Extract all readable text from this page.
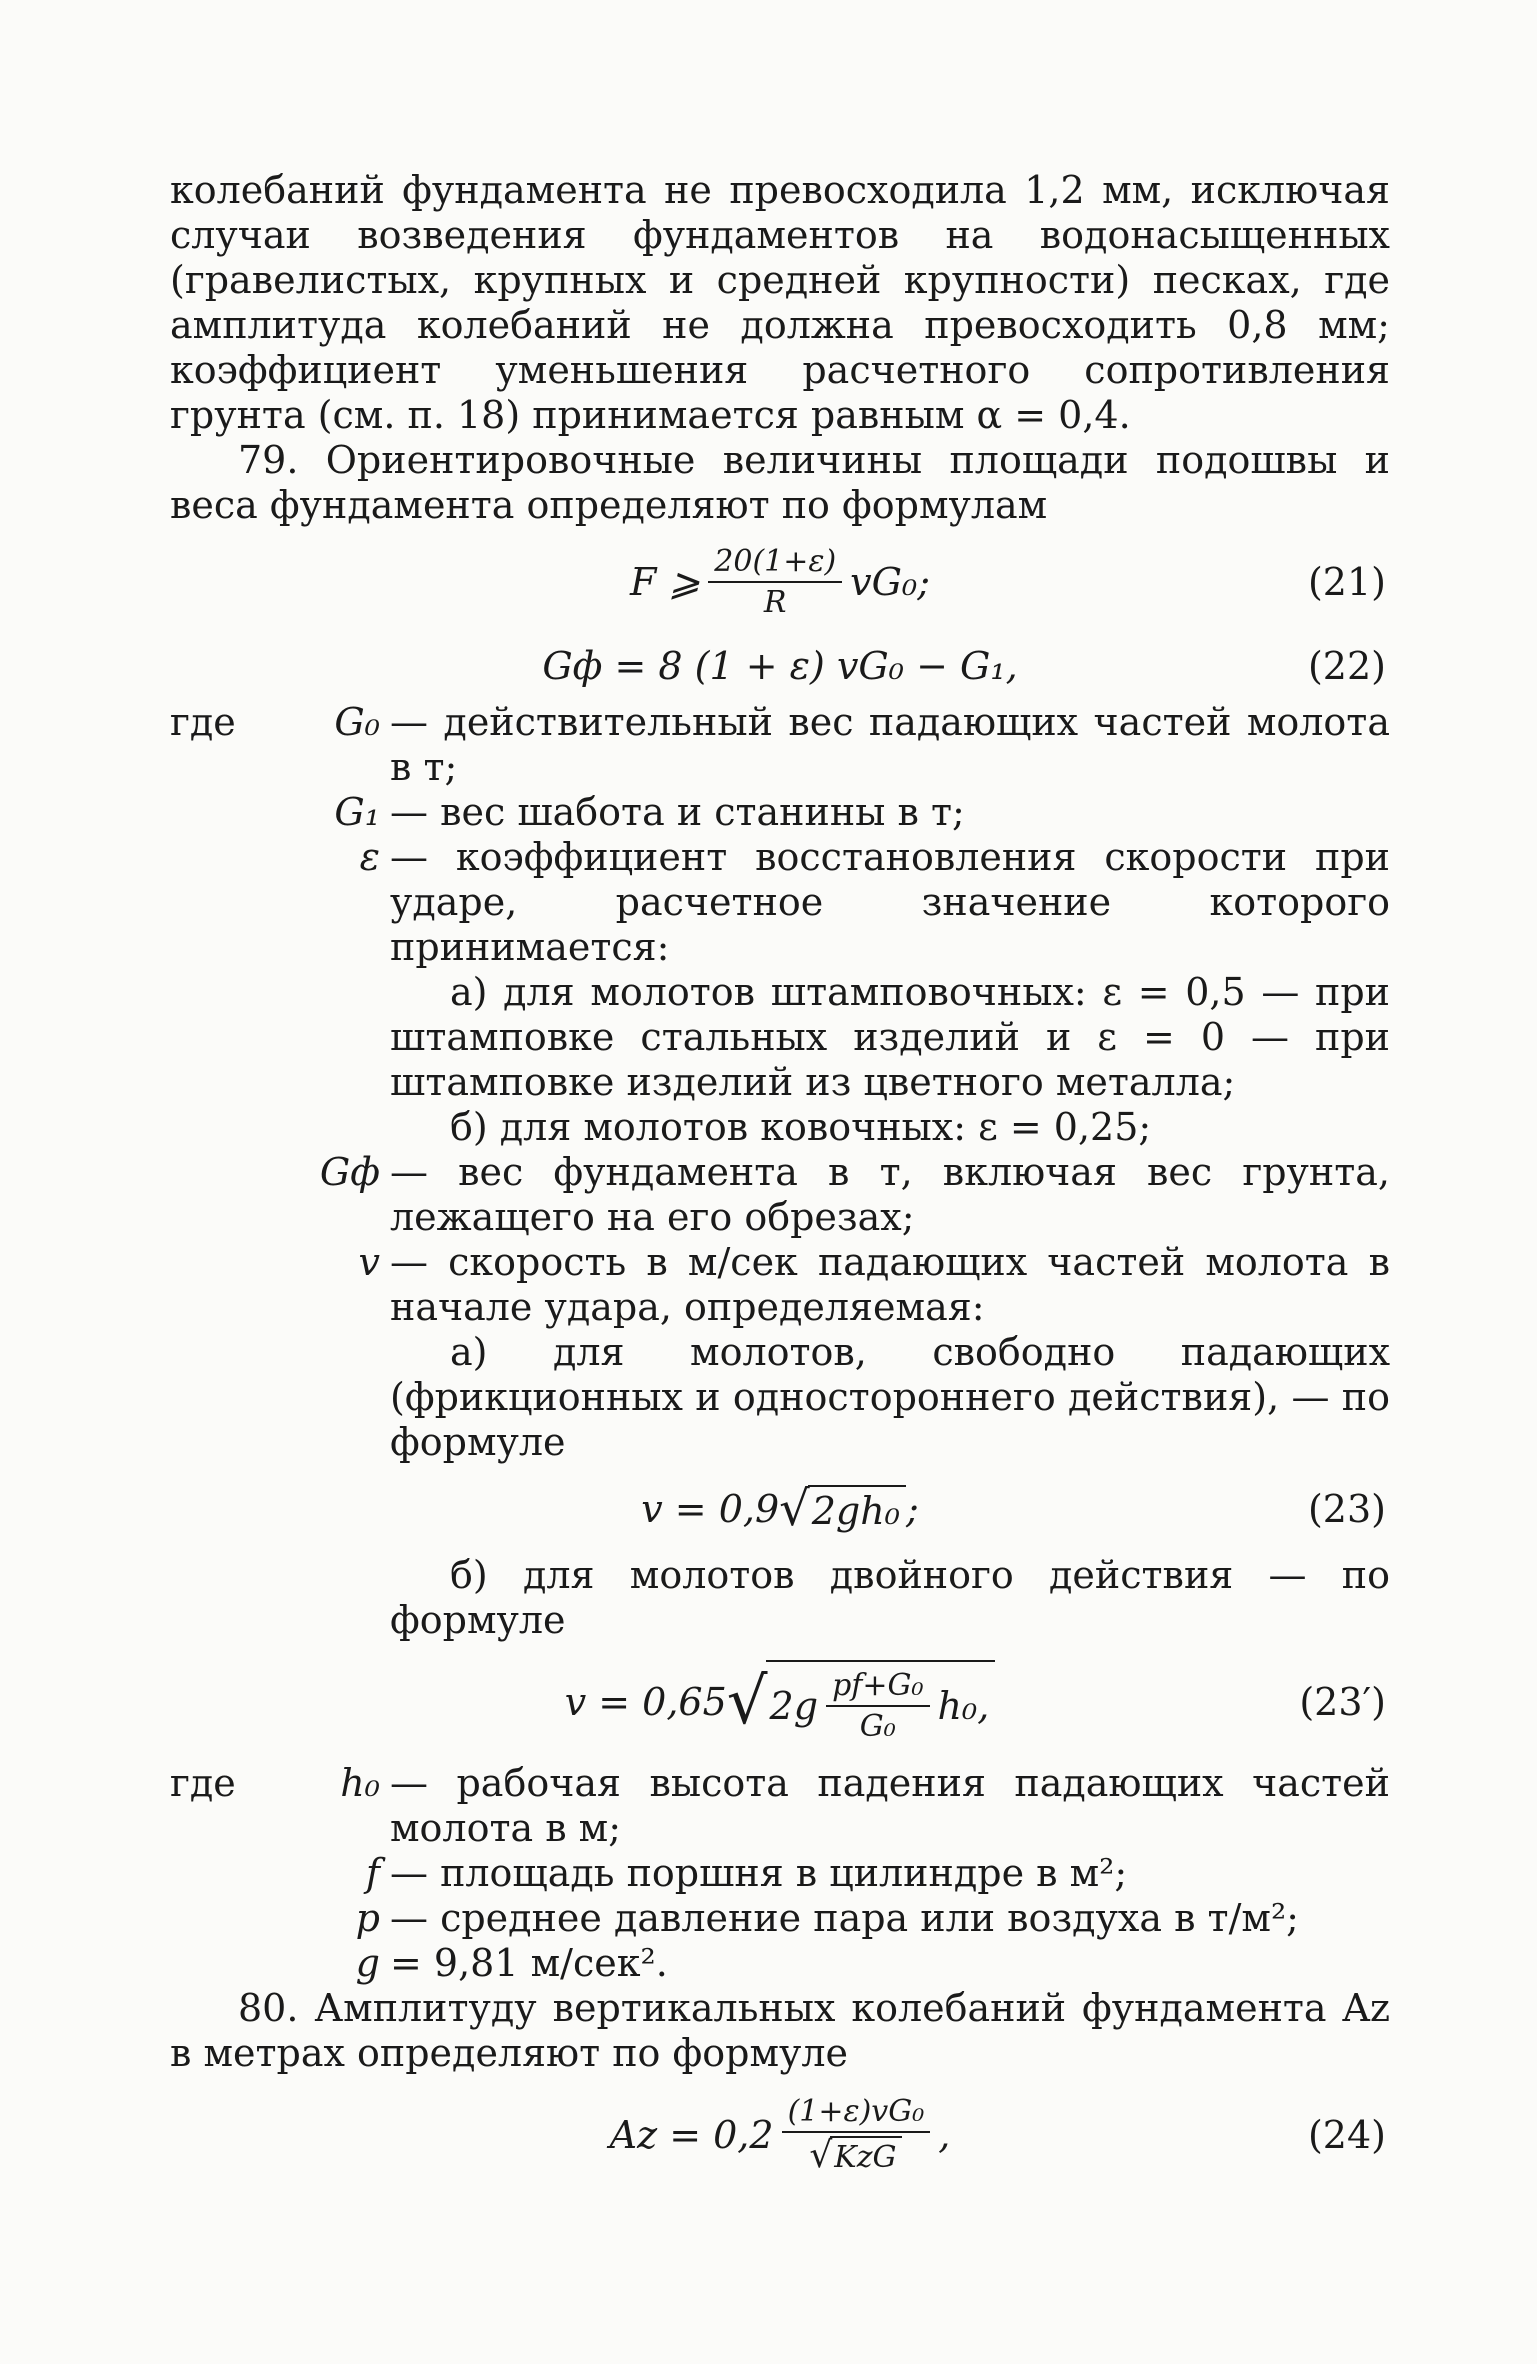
колебаний фундамента не превосходила 1,2 мм, исключая случаи возведения фундаментов на водонасыщенных (гравелистых, крупных и средней крупности) песках, где амплитуда колебаний не должна превосходить 0,8 мм; коэффициент уменьшения расчетного сопротивления грунта (см. п. 18) принимается равным α = 0,4.

79. Ориентировочные величины площади подошвы и веса фундамента определяют по формулам

F ⩾ $\frac{20(1+\varepsilon)}{R} vG_0$;	(21)
Gф = 8 (1 + ε) vG₀ − G₁,	(22)
где	G₀ — действительный вес падающих частей молота в т;
G₁ — вес шабота и станины в т;
ε — коэффициент восстановления скорости при ударе, расчетное значение которого принимается:
а) для молотов штамповочных: ε = 0,5 — при штамповке стальных изделий и ε = 0 — при штамповке изделий из цветного металла;
б) для молотов ковочных: ε = 0,25;
Gф — вес фундамента в т, включая вес грунта, лежащего на его обрезах;
v — скорость в м/сек падающих частей молота в начале удара, определяемая:
а) для молотов, свободно падающих (фрикционных и одностороннего действия), — по формуле
v = 0,9 √ 2gh₀ ;	(23)
б) для молотов двойного действия — по формуле
v = 0,65 √ $2g \frac{\text{pf+G₀}}{\text{G₀}} h_0$,	(23′)
где	h₀ — рабочая высота падения падающих частей молота в м;
f — площадь поршня в цилиндре в м²;
p — среднее давление пара или воздуха в т/м²;
g = 9,81 м/сек².

80. Амплитуду вертикальных колебаний фундамента Az в метрах определяют по формуле

$Az = 0,2 \frac{\text{(1+ε)vG₀}}{\text{√ KzG}}$ ,	(24)
